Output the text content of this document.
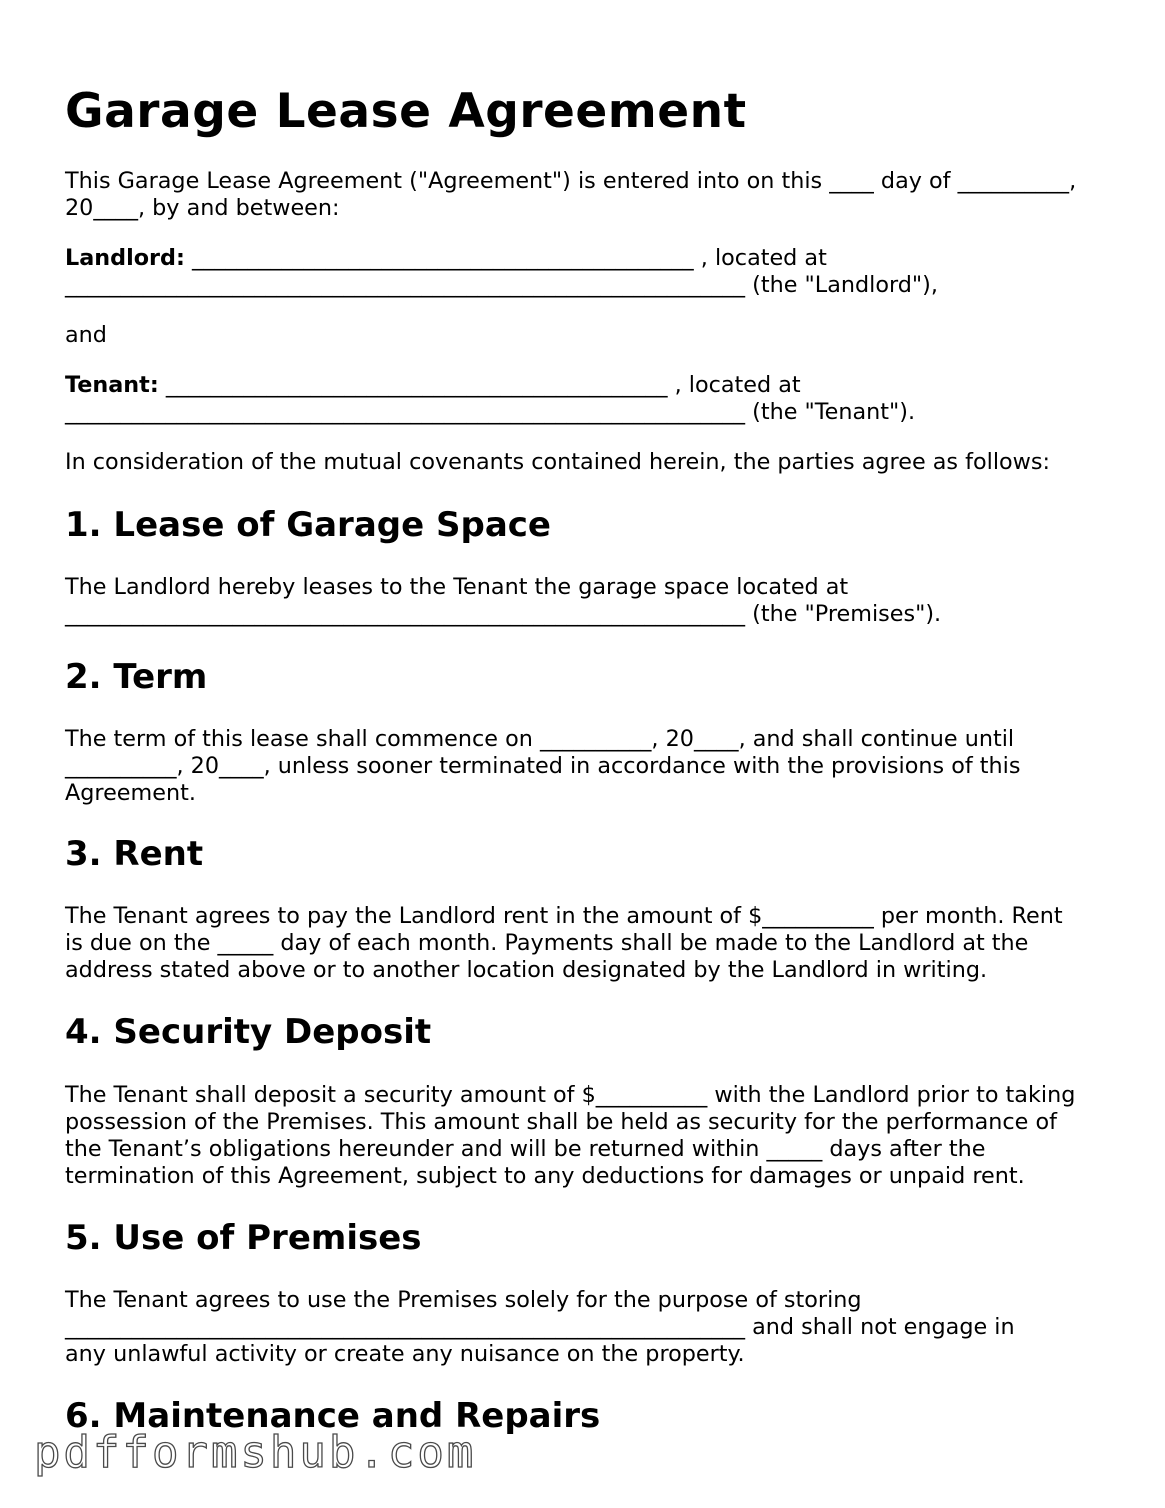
Garage Lease Agreement
This Garage Lease Agreement ("Agreement") is entered into on this ____ day of __________,
20____, by and between:
Landlord: _____________________________________________ , located at
_____________________________________________________________ (the "Landlord"),
and
Tenant: _____________________________________________ , located at
_____________________________________________________________ (the "Tenant").
In consideration of the mutual covenants contained herein, the parties agree as follows:
1. Lease of Garage Space
The Landlord hereby leases to the Tenant the garage space located at
_____________________________________________________________ (the "Premises").
2. Term
The term of this lease shall commence on __________, 20____, and shall continue until
__________, 20____, unless sooner terminated in accordance with the provisions of this
Agreement.
3. Rent
The Tenant agrees to pay the Landlord rent in the amount of $__________ per month. Rent
is due on the _____ day of each month. Payments shall be made to the Landlord at the
address stated above or to another location designated by the Landlord in writing.
4. Security Deposit
The Tenant shall deposit a security amount of $__________ with the Landlord prior to taking
possession of the Premises. This amount shall be held as security for the performance of
the Tenant’s obligations hereunder and will be returned within _____ days after the
termination of this Agreement, subject to any deductions for damages or unpaid rent.
5. Use of Premises
The Tenant agrees to use the Premises solely for the purpose of storing
_____________________________________________________________ and shall not engage in
any unlawful activity or create any nuisance on the property.
6. Maintenance and Repairs
pdfformshub.com
